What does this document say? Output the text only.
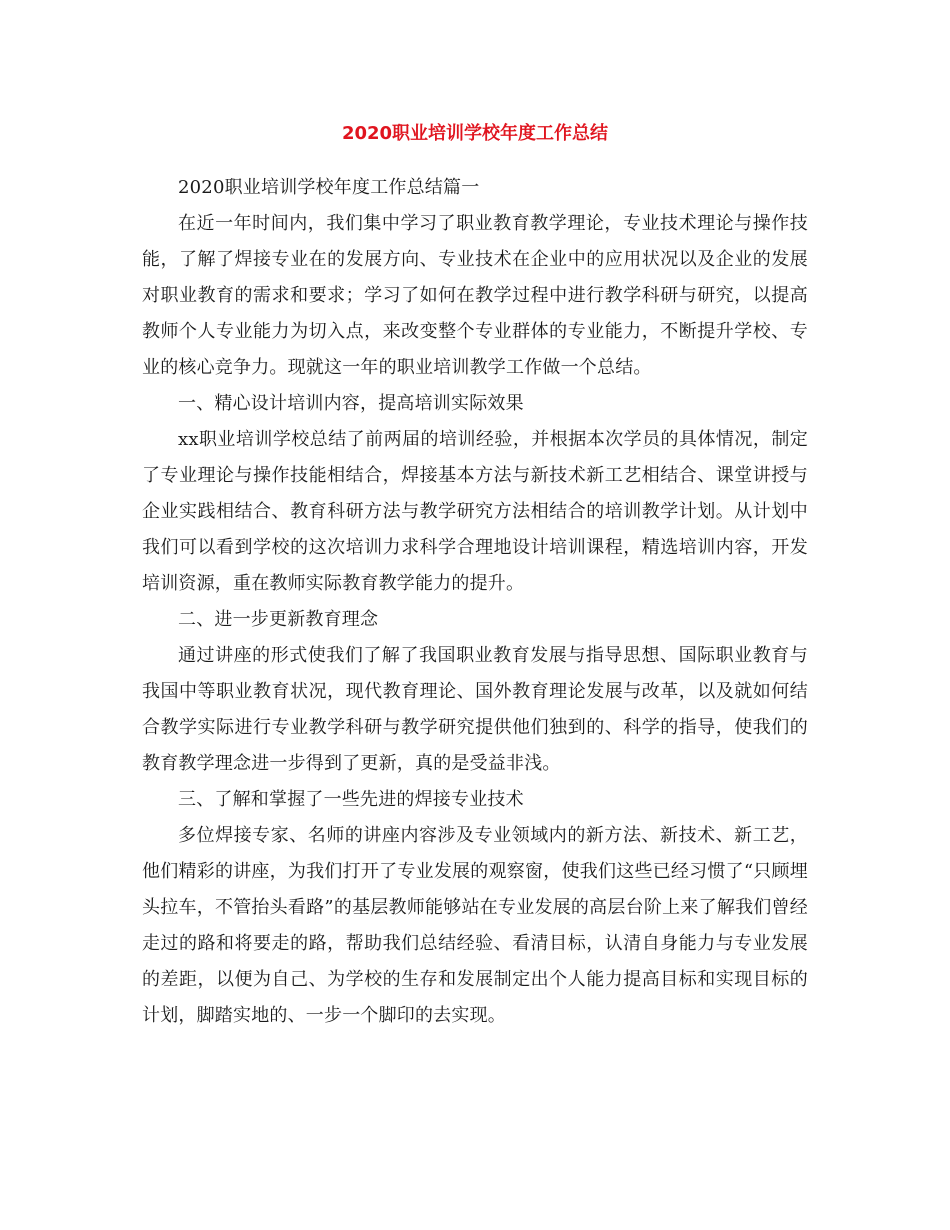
2020职业培训学校年度工作总结

2020职业培训学校年度工作总结篇一

在近一年时间内，我们集中学习了职业教育教学理论，专业技术理论与操作技能，了解了焊接专业在的发展方向、专业技术在企业中的应用状况以及企业的发展对职业教育的需求和要求；学习了如何在教学过程中进行教学科研与研究，以提高教师个人专业能力为切入点，来改变整个专业群体的专业能力，不断提升学校、专业的核心竞争力。现就这一年的职业培训教学工作做一个总结。

一、精心设计培训内容，提高培训实际效果

xx职业培训学校总结了前两届的培训经验，并根据本次学员的具体情况，制定了专业理论与操作技能相结合，焊接基本方法与新技术新工艺相结合、课堂讲授与企业实践相结合、教育科研方法与教学研究方法相结合的培训教学计划。从计划中我们可以看到学校的这次培训力求科学合理地设计培训课程，精选培训内容，开发培训资源，重在教师实际教育教学能力的提升。

二、进一步更新教育理念

通过讲座的形式使我们了解了我国职业教育发展与指导思想、国际职业教育与我国中等职业教育状况，现代教育理论、国外教育理论发展与改革，以及就如何结合教学实际进行专业教学科研与教学研究提供他们独到的、科学的指导，使我们的教育教学理念进一步得到了更新，真的是受益非浅。

三、了解和掌握了一些先进的焊接专业技术

多位焊接专家、名师的讲座内容涉及专业领域内的新方法、新技术、新工艺，他们精彩的讲座，为我们打开了专业发展的观察窗，使我们这些已经习惯了“只顾埋头拉车，不管抬头看路”的基层教师能够站在专业发展的高层台阶上来了解我们曾经走过的路和将要走的路，帮助我们总结经验、看清目标，认清自身能力与专业发展的差距，以便为自己、为学校的生存和发展制定出个人能力提高目标和实现目标的计划，脚踏实地的、一步一个脚印的去实现。
